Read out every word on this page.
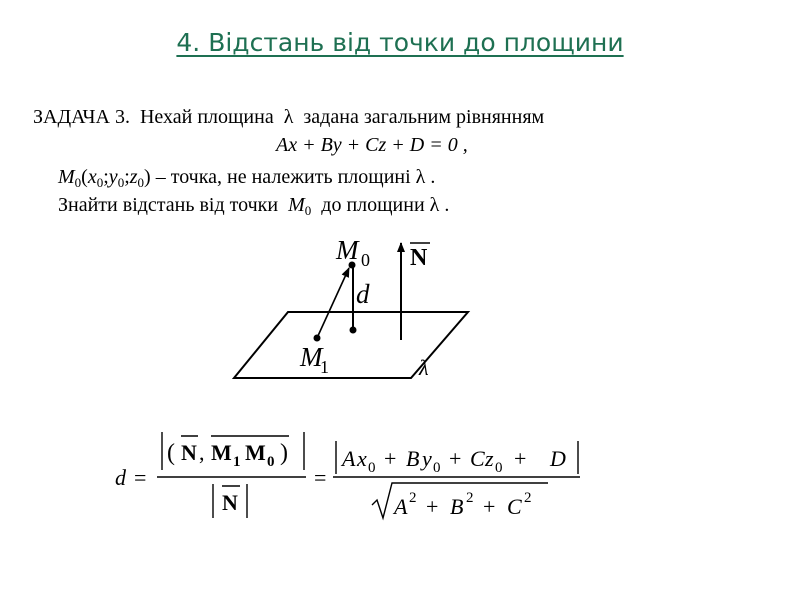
4. Відстань від точки до площини
ЗАДАЧА 3. Нехай площина λ задана загальним рівнянням
Ax + By + Cz + D = 0 ,
$M_0(x_0;y_0;z_0)$ – точка, не належить площині λ .
Знайти відстань від точки $M_0$ до площини λ .
M 0
M
1
N
d
λ
d =
( N , M 1 M 0 )
N
=
A x 0 + B y 0 + C z 0 + D
A 2 + B 2 + C 2
